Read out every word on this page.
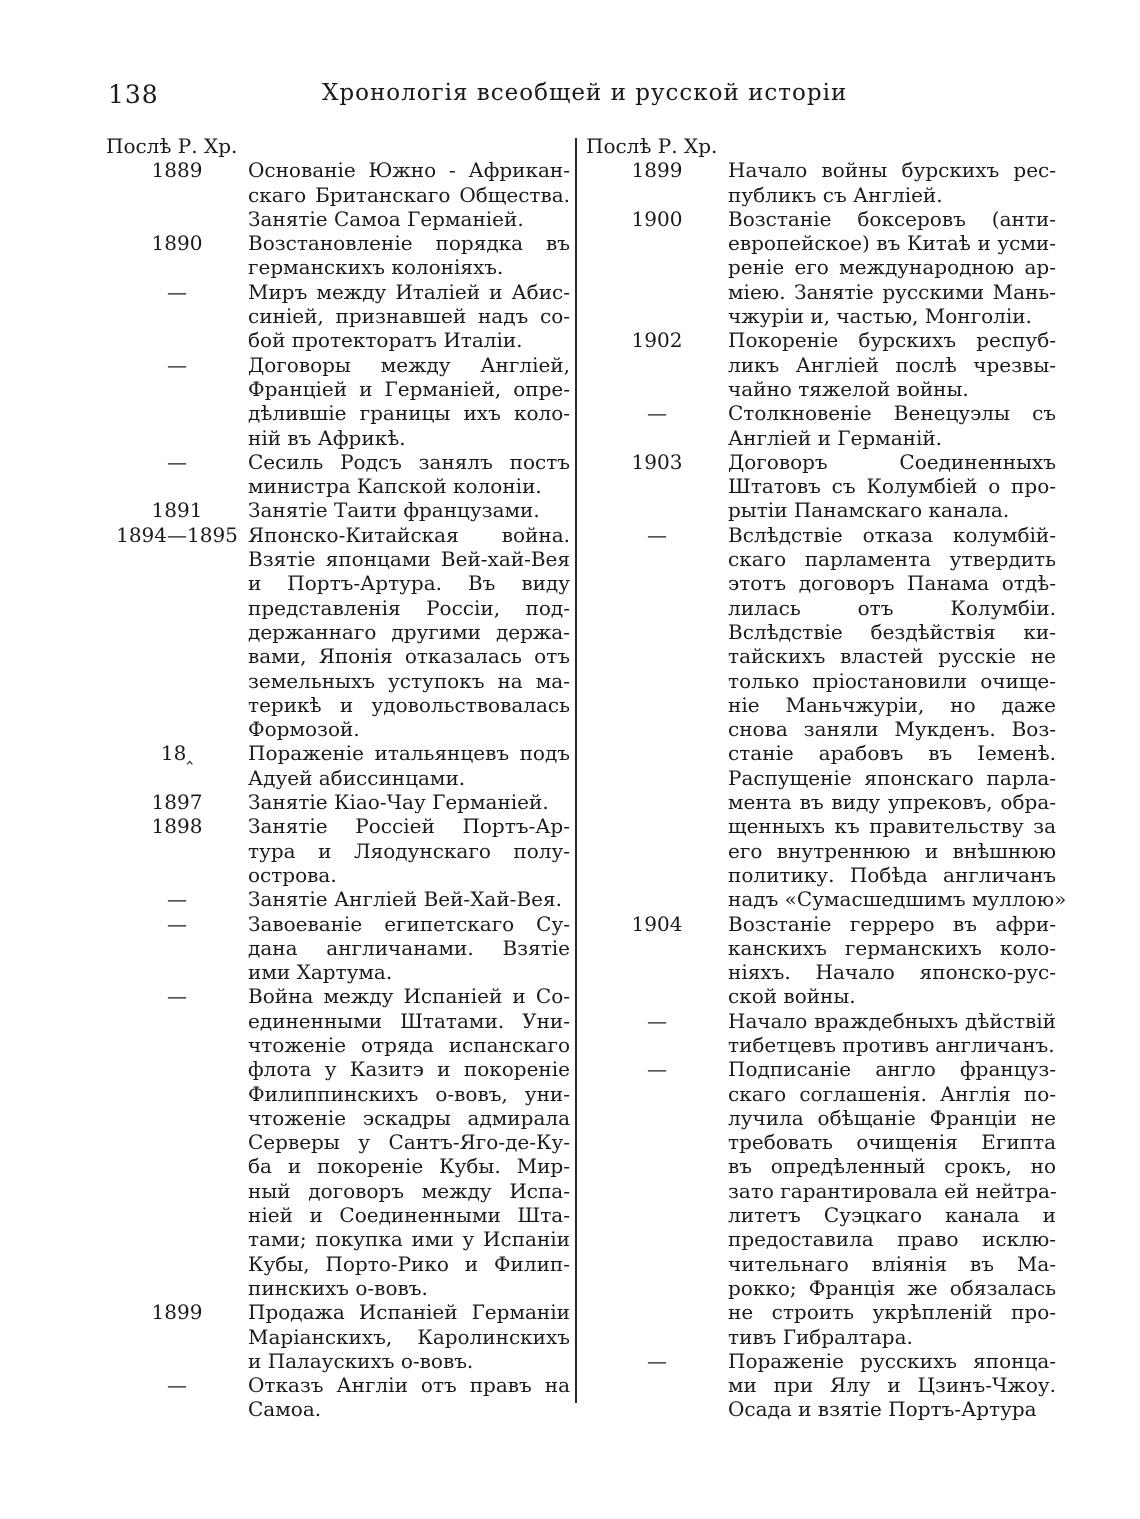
138	Хронологія всеобщей и русской исторіи
Послѣ Р. Хр.
1889	Основаніе Южно - Африкан-
скаго Британскаго Общества.
Занятіе Самоа Германіей.
1890	Возстановленіе порядка въ
германскихъ колоніяхъ.
—	Миръ между Италіей и Абис-
синіей, признавшей надъ со-
бой протекторатъ Италіи.
—	Договоры между Англіей,
Франціей и Германіей, опре-
дѣлившіе границы ихъ коло-
ній въ Африкѣ.
—	Сесиль Родсъ занялъ постъ
министра Капской колоніи.
1891	Занятіе Таити французами.
1894—1895 Японско-Китайская война.
Взятіе японцами Вей-хай-Вея
и Портъ-Артура. Въ виду
представленія Россіи, под-
держаннаго другими держа-
вами, Японія отказалась отъ
земельныхъ уступокъ на ма-
терикѣ и удовольствовалась
Формозой.
18‸	Пораженіе итальянцевъ подъ
Адуей абиссинцами.
1897	Занятіе Кіао-Чау Германіей.
1898	Занятіе Россіей Портъ-Ар-
тура и Ляодунскаго полу-
острова.
—	Занятіе Англіей Вей-Хай-Вея.
—	Завоеваніе египетскаго Су-
дана англичанами. Взятіе
ими Хартума.
—	Война между Испаніей и Со-
единенными Штатами. Уни-
чтоженіе отряда испанскаго
флота у Казитэ и покореніе
Филиппинскихъ о-вовъ, уни-
чтоженіе эскадры адмирала
Серверы у Сантъ-Яго-де-Ку-
ба и покореніе Кубы. Мир-
ный договоръ между Испа-
ніей и Соединенными Шта-
тами; покупка ими у Испаніи
Кубы, Порто-Рико и Филип-
пинскихъ о-вовъ.
1899	Продажа Испаніей Германіи
Маріанскихъ, Каролинскихъ
и Палаускихъ о-вовъ.
—	Отказъ Англіи отъ правъ на
Самоа.
Послѣ Р. Хр.
1899	Начало войны бурскихъ рес-
публикъ съ Англіей.
1900	Возстаніе боксеровъ (анти-
европейское) въ Китаѣ и усми-
реніе его международною ар-
міею. Занятіе русскими Мань-
чжуріи и, частью, Монголіи.
1902	Покореніе бурскихъ респуб-
ликъ Англіей послѣ чрезвы-
чайно тяжелой войны.
—	Столкновеніе Венецуэлы съ
Англіей и Германій.
1903	Договоръ Соединенныхъ
Штатовъ съ Колумбіей о про-
рытіи Панамскаго канала.
—	Вслѣдствіе отказа колумбій-
скаго парламента утвердить
этотъ договоръ Панама отдѣ-
лилась отъ Колумбіи.
Вслѣдствіе бездѣйствія ки-
тайскихъ властей русскіе не
только пріостановили очище-
ніе Маньчжуріи, но даже
снова заняли Мукденъ. Воз-
станіе арабовъ въ Іеменѣ.
Распущеніе японскаго парла-
мента въ виду упрековъ, обра-
щенныхъ къ правительству за
его внутреннюю и внѣшнюю
политику. Побѣда англичанъ
надъ «Сумасшедшимъ муллою»
1904	Возстаніе герреро въ афри-
канскихъ германскихъ коло-
ніяхъ. Начало японско-рус-
ской войны.
—	Начало враждебныхъ дѣйствій
тибетцевъ противъ англичанъ.
—	Подписаніе англо француз-
скаго соглашенія. Англія по-
лучила обѣщаніе Франціи не
требовать очищенія Египта
въ опредѣленный срокъ, но
зато гарантировала ей нейтра-
литетъ Суэцкаго канала и
предоставила право исклю-
чительнаго вліянія въ Ма-
рокко; Франція же обязалась
не строить укрѣпленій про-
тивъ Гибралтара.
—	Пораженіе русскихъ японца-
ми при Ялу и Цзинъ-Чжоу.
Осада и взятіе Портъ-Артура
